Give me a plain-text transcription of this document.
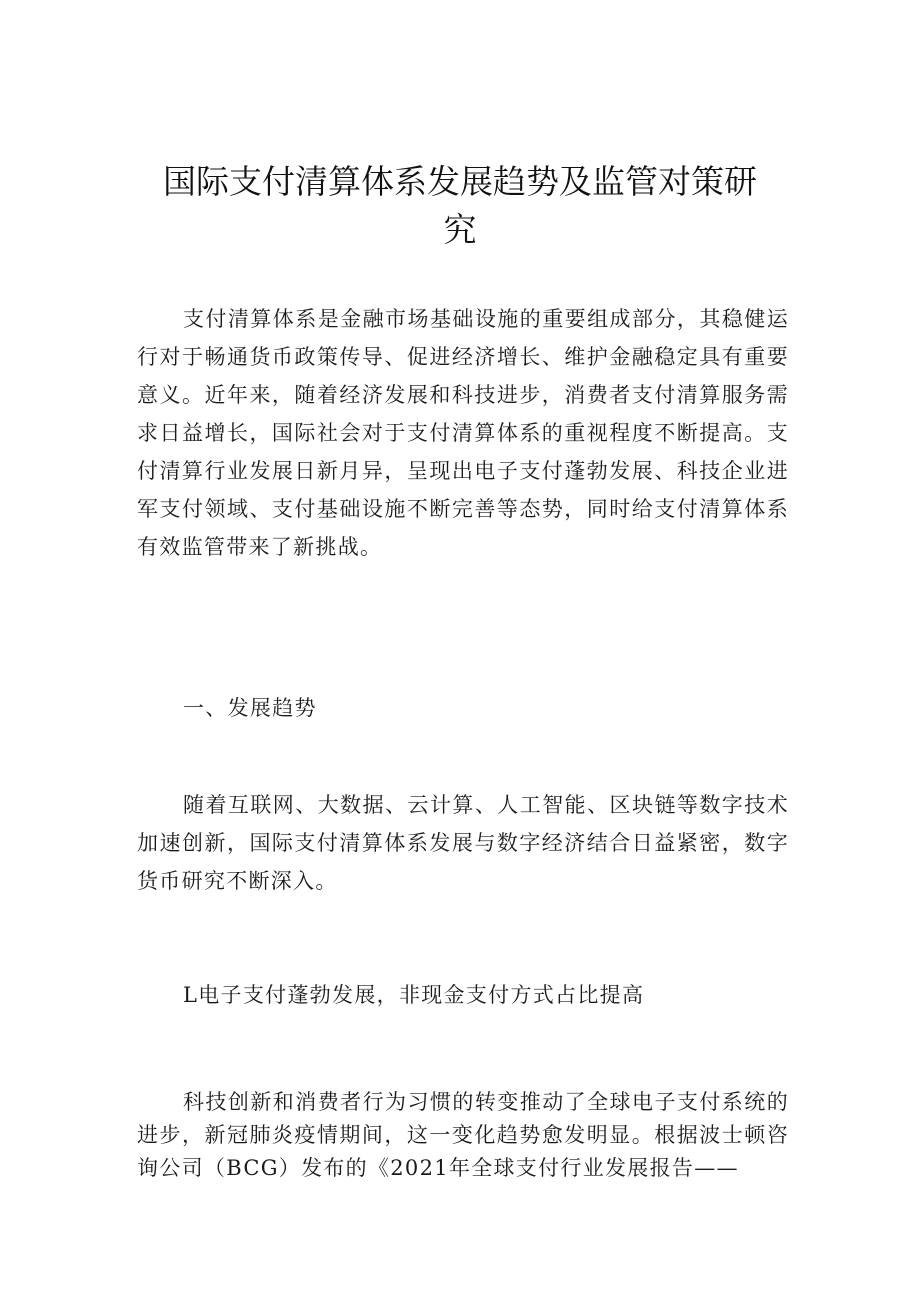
国际支付清算体系发展趋势及监管对策研究

支付清算体系是金融市场基础设施的重要组成部分，其稳健运行对于畅通货币政策传导、促进经济增长、维护金融稳定具有重要意义。近年来，随着经济发展和科技进步，消费者支付清算服务需求日益增长，国际社会对于支付清算体系的重视程度不断提高。支付清算行业发展日新月异，呈现出电子支付蓬勃发展、科技企业进军支付领域、支付基础设施不断完善等态势，同时给支付清算体系有效监管带来了新挑战。

一、发展趋势

随着互联网、大数据、云计算、人工智能、区块链等数字技术加速创新，国际支付清算体系发展与数字经济结合日益紧密，数字货币研究不断深入。

L电子支付蓬勃发展，非现金支付方式占比提高

科技创新和消费者行为习惯的转变推动了全球电子支付系统的进步，新冠肺炎疫情期间，这一变化趋势愈发明显。根据波士顿咨询公司（BCG）发布的《2021年全球支付行业发展报告——
